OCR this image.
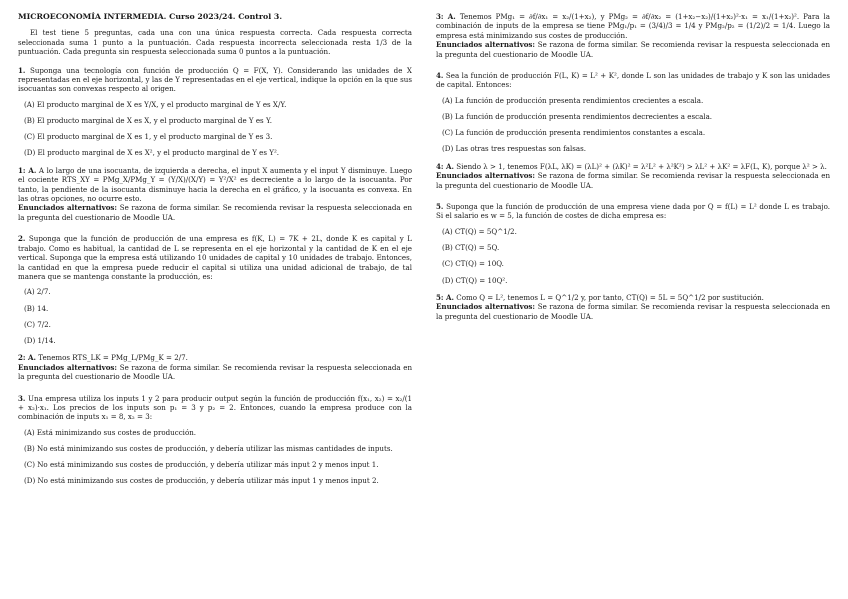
MICROECONOMÍA INTERMEDIA. Curso 2023/24. Control 3.

El test tiene 5 preguntas, cada una con una única respuesta correcta. Cada respuesta correcta seleccionada suma 1 punto a la puntuación. Cada respuesta incorrecta seleccionada resta 1/3 de la puntuación. Cada pregunta sin respuesta seleccionada suma 0 puntos a la puntuación.

1. Suponga una tecnología con función de producción Q = F(X, Y). Considerando las unidades de X representadas en el eje horizontal, y las de Y representadas en el eje vertical, indique la opción en la que sus isocuantas son convexas respecto al origen.

(A) El producto marginal de X es Y/X, y el producto marginal de Y es X/Y.
(B) El producto marginal de X es X, y el producto marginal de Y es Y.
(C) El producto marginal de X es 1, y el producto marginal de Y es 3.
(D) El producto marginal de X es X², y el producto marginal de Y es Y².

1: A. A lo largo de una isocuanta, de izquierda a derecha, el input X aumenta y el input Y disminuye. Luego el cociente RTS_XY = PMg_X/PMg_Y = (Y/X)/(X/Y) = Y²/X² es decreciente a lo largo de la isocuanta. Por tanto, la pendiente de la isocuanta disminuye hacia la derecha en el gráfico, y la isocuanta es convexa. En las otras opciones, no ocurre esto.

Enunciados alternativos: Se razona de forma similar. Se recomienda revisar la respuesta seleccionada en la pregunta del cuestionario de Moodle UA.

2. Suponga que la función de producción de una empresa es f(K, L) = 7K + 2L, donde K es capital y L trabajo. Como es habitual, la cantidad de L se representa en el eje horizontal y la cantidad de K en el eje vertical. Suponga que la empresa está utilizando 10 unidades de capital y 10 unidades de trabajo. Entonces, la cantidad en que la empresa puede reducir el capital si utiliza una unidad adicional de trabajo, de tal manera que se mantenga constante la producción, es:

(A) 2/7.
(B) 14.
(C) 7/2.
(D) 1/14.

2: A. Tenemos RTS_LK = PMg_L/PMg_K = 2/7.

Enunciados alternativos: Se razona de forma similar. Se recomienda revisar la respuesta seleccionada en la pregunta del cuestionario de Moodle UA.

3. Una empresa utiliza los inputs 1 y 2 para producir output según la función de producción f(x₁, x₂) = x₂/(1 + x₂)·x₁. Los precios de los inputs son p₁ = 3 y p₂ = 2. Entonces, cuando la empresa produce con la combinación de inputs x₁ = 8, x₂ = 3:

(A) Está minimizando sus costes de producción.
(B) No está minimizando sus costes de producción, y debería utilizar las mismas cantidades de inputs.
(C) No está minimizando sus costes de producción, y debería utilizar más input 2 y menos input 1.
(D) No está minimizando sus costes de producción, y debería utilizar más input 1 y menos input 2.

3: A. Tenemos PMg₁ = ∂f/∂x₁ = x₂/(1+x₂), y PMg₂ = ∂f/∂x₂ = (1+x₂−x₂)/(1+x₂)²·x₁ = x₁/(1+x₂)². Para la combinación de inputs de la empresa se tiene PMg₁/p₁ = (3/4)/3 = 1/4 y PMg₂/p₂ = (1/2)/2 = 1/4. Luego la empresa está minimizando sus costes de producción.

Enunciados alternativos: Se razona de forma similar. Se recomienda revisar la respuesta seleccionada en la pregunta del cuestionario de Moodle UA.

4. Sea la función de producción F(L, K) = L² + K², donde L son las unidades de trabajo y K son las unidades de capital. Entonces:

(A) La función de producción presenta rendimientos crecientes a escala.
(B) La función de producción presenta rendimientos decrecientes a escala.
(C) La función de producción presenta rendimientos constantes a escala.
(D) Las otras tres respuestas son falsas.

4: A. Siendo λ > 1, tenemos F(λL, λK) = (λL)² + (λK)² = λ²L² + λ²K²) > λL² + λK² = λF(L, K), porque λ² > λ.

Enunciados alternativos: Se razona de forma similar. Se recomienda revisar la respuesta seleccionada en la pregunta del cuestionario de Moodle UA.

5. Suponga que la función de producción de una empresa viene dada por Q = f(L) = L² donde L es trabajo. Si el salario es w = 5, la función de costes de dicha empresa es:

(A) CT(Q) = 5Q^1/2.
(B) CT(Q) = 5Q.
(C) CT(Q) = 10Q.
(D) CT(Q) = 10Q².

5: A. Como Q = L², tenemos L = Q^1/2 y, por tanto, CT(Q) = 5L = 5Q^1/2 por sustitución.

Enunciados alternativos: Se razona de forma similar. Se recomienda revisar la respuesta seleccionada en la pregunta del cuestionario de Moodle UA.
